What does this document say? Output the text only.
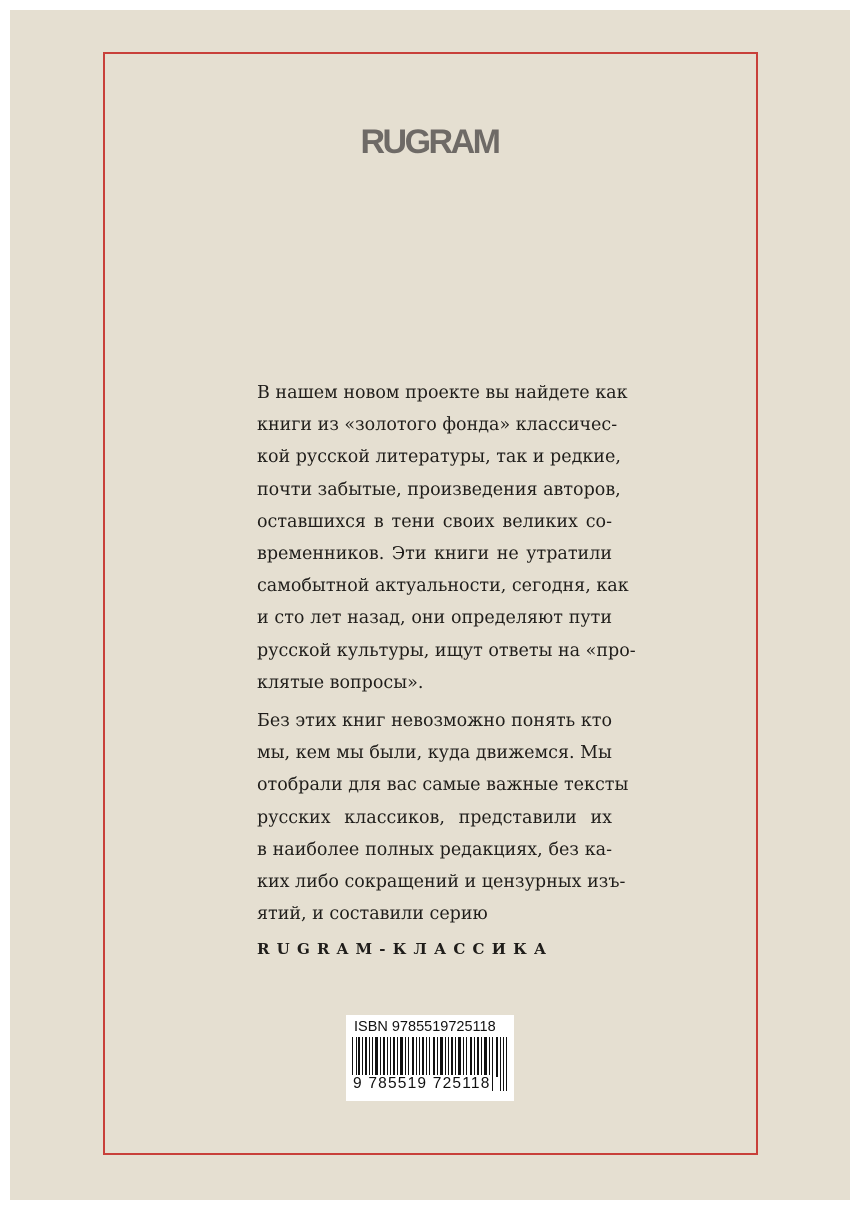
RUGRAM
В нашем новом проекте вы найдете как
книги из «золотого фонда» классичес-
кой русской литературы, так и редкие,
почти забытые, произведения авторов,
оставшихся в тени своих великих со-
временников. Эти книги не утратили
самобытной актуальности, сегодня, как
и сто лет назад, они определяют пути
русской культуры, ищут ответы на «про-
клятые вопросы».
Без этих книг невозможно понять кто
мы, кем мы были, куда движемся. Мы
отобрали для вас самые важные тексты
русских классиков, представили их
в наиболее полных редакциях, без ка-
ких либо сокращений и цензурных изъ-
ятий, и составили серию
RUGRAM-КЛАССИКА
ISBN 9785519725118
9 785519 725118
